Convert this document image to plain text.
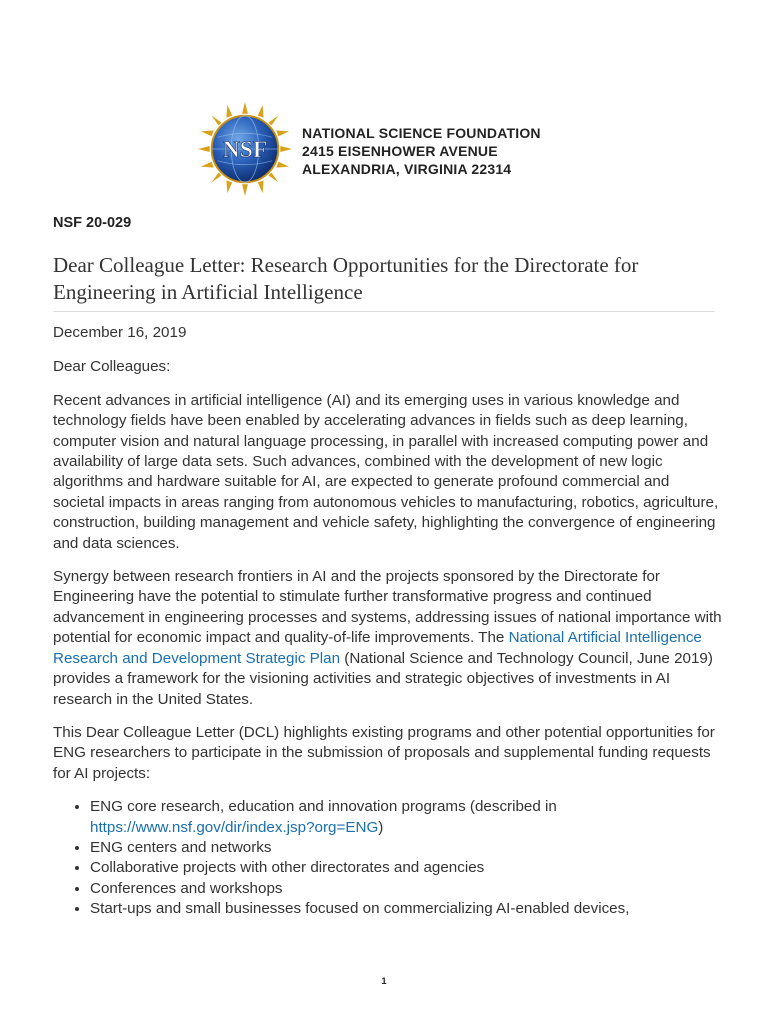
NSF
NATIONAL SCIENCE FOUNDATION
2415 EISENHOWER AVENUE
ALEXANDRIA, VIRGINIA 22314
NSF 20-029
Dear Colleague Letter: Research Opportunities for the Directorate for Engineering in Artificial Intelligence

December 16, 2019

Dear Colleagues:

Recent advances in artificial intelligence (AI) and its emerging uses in various knowledge and technology fields have been enabled by accelerating advances in fields such as deep learning, computer vision and natural language processing, in parallel with increased computing power and availability of large data sets. Such advances, combined with the development of new logic algorithms and hardware suitable for AI, are expected to generate profound commercial and societal impacts in areas ranging from autonomous vehicles to manufacturing, robotics, agriculture, construction, building management and vehicle safety, highlighting the convergence of engineering and data sciences.

Synergy between research frontiers in AI and the projects sponsored by the Directorate for Engineering have the potential to stimulate further transformative progress and continued advancement in engineering processes and systems, addressing issues of national importance with potential for economic impact and quality-of-life improvements. The National Artificial Intelligence Research and Development Strategic Plan (National Science and Technology Council, June 2019) provides a framework for the visioning activities and strategic objectives of investments in AI research in the United States.

This Dear Colleague Letter (DCL) highlights existing programs and other potential opportunities for ENG researchers to participate in the submission of proposals and supplemental funding requests for AI projects:

• ENG core research, education and innovation programs (described in https://www.nsf.gov/dir/index.jsp?org=ENG)
• ENG centers and networks
• Collaborative projects with other directorates and agencies
• Conferences and workshops
• Start-ups and small businesses focused on commercializing AI-enabled devices,
1
